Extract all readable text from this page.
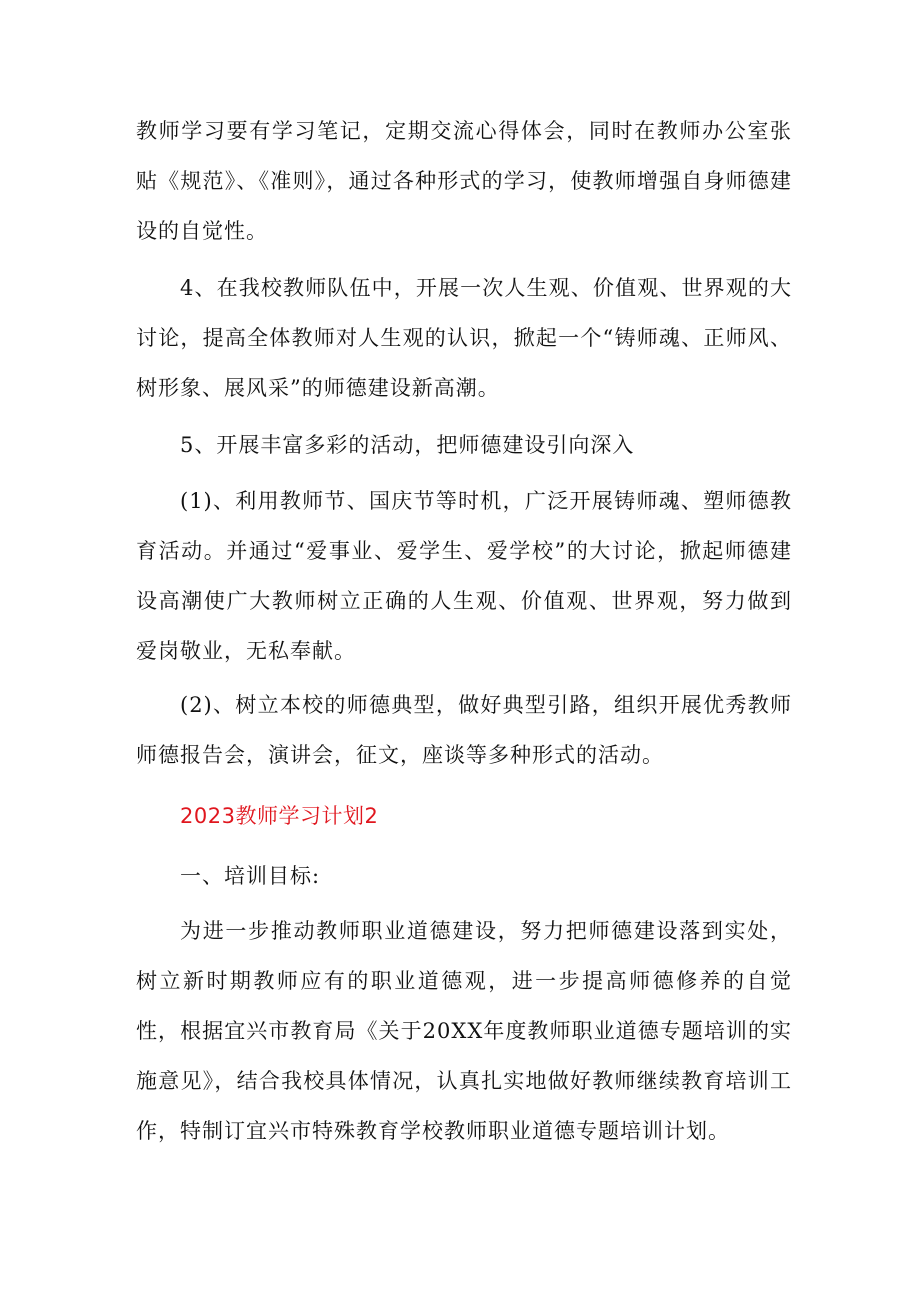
教师学习要有学习笔记，定期交流心得体会，同时在教师办公室张贴《规范》、《准则》，通过各种形式的学习，使教师增强自身师德建设的自觉性。

4、在我校教师队伍中，开展一次人生观、价值观、世界观的大讨论，提高全体教师对人生观的认识，掀起一个“铸师魂、正师风、树形象、展风采”的师德建设新高潮。

5、开展丰富多彩的活动，把师德建设引向深入

(1)、利用教师节、国庆节等时机，广泛开展铸师魂、塑师德教育活动。并通过“爱事业、爱学生、爱学校”的大讨论，掀起师德建设高潮使广大教师树立正确的人生观、价值观、世界观，努力做到爱岗敬业，无私奉献。

(2)、树立本校的师德典型，做好典型引路，组织开展优秀教师师德报告会，演讲会，征文，座谈等多种形式的活动。

2023教师学习计划2

一、培训目标:

为进一步推动教师职业道德建设，努力把师德建设落到实处，树立新时期教师应有的职业道德观，进一步提高师德修养的自觉性，根据宜兴市教育局《关于20XX年度教师职业道德专题培训的实施意见》，结合我校具体情况，认真扎实地做好教师继续教育培训工作，特制订宜兴市特殊教育学校教师职业道德专题培训计划。
